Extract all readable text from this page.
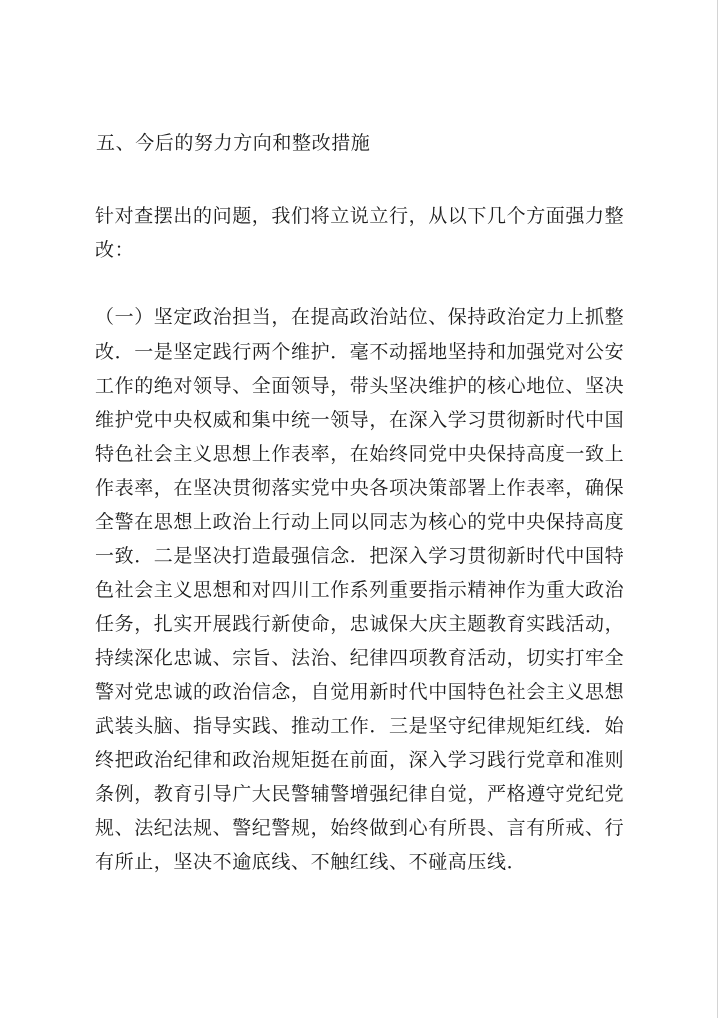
五、今后的努力方向和整改措施
针对查摆出的问题，我们将立说立行，从以下几个方面强力整
改：
（一）坚定政治担当，在提高政治站位、保持政治定力上抓整
改．一是坚定践行两个维护．毫不动摇地坚持和加强党对公安
工作的绝对领导、全面领导，带头坚决维护的核心地位、坚决
维护党中央权威和集中统一领导，在深入学习贯彻新时代中国
特色社会主义思想上作表率，在始终同党中央保持高度一致上
作表率，在坚决贯彻落实党中央各项决策部署上作表率，确保
全警在思想上政治上行动上同以同志为核心的党中央保持高度
一致．二是坚决打造最强信念．把深入学习贯彻新时代中国特
色社会主义思想和对四川工作系列重要指示精神作为重大政治
任务，扎实开展践行新使命，忠诚保大庆主题教育实践活动，
持续深化忠诚、宗旨、法治、纪律四项教育活动，切实打牢全
警对党忠诚的政治信念，自觉用新时代中国特色社会主义思想
武装头脑、指导实践、推动工作．三是坚守纪律规矩红线．始
终把政治纪律和政治规矩挺在前面，深入学习践行党章和准则
条例，教育引导广大民警辅警增强纪律自觉，严格遵守党纪党
规、法纪法规、警纪警规，始终做到心有所畏、言有所戒、行
有所止，坚决不逾底线、不触红线、不碰高压线．
